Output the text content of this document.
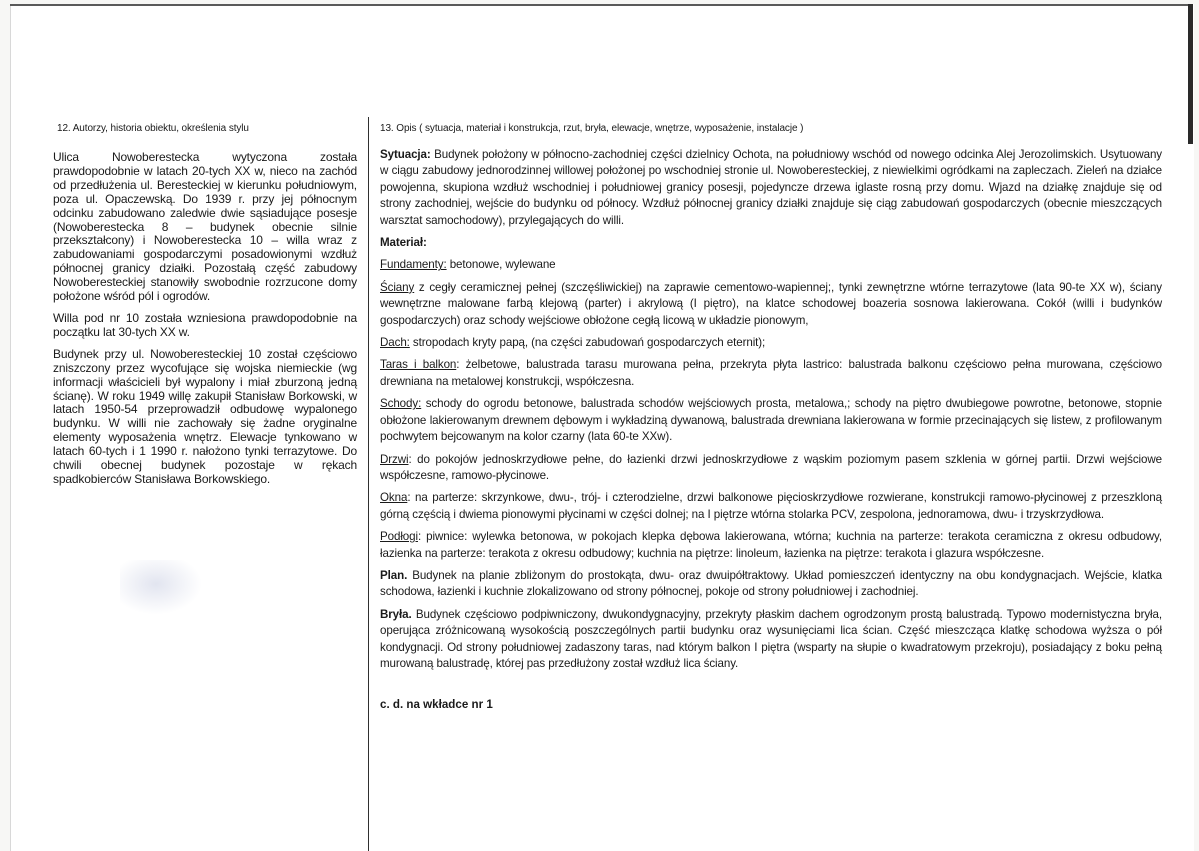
12. Autorzy, historia obiektu, określenia stylu

Ulica Nowoberestecka wytyczona została prawdopodobnie w latach 20-tych XX w, nieco na zachód od przedłużenia ul. Beresteckiej w kierunku południowym, poza ul. Opaczewską. Do 1939 r. przy jej północnym odcinku zabudowano zaledwie dwie sąsiadujące posesje (Nowoberestecka 8 – budynek obecnie silnie przekształcony) i Nowoberestecka 10 – willa wraz z zabudowaniami gospodarczymi posadowionymi wzdłuż północnej granicy działki. Pozostałą część zabudowy Nowoberesteckiej stanowiły swobodnie rozrzucone domy położone wśród pól i ogrodów.

Willa pod nr 10 została wzniesiona prawdopodobnie na początku lat 30-tych XX w.

Budynek przy ul. Nowoberesteckiej 10 został częściowo zniszczony przez wycofujące się wojska niemieckie (wg informacji właścicieli był wypalony i miał zburzoną jedną ścianę). W roku 1949 willę zakupił Stanisław Borkowski, w latach 1950-54 przeprowadził odbudowę wypalonego budynku. W willi nie zachowały się żadne oryginalne elementy wyposażenia wnętrz. Elewacje tynkowano w latach 60-tych i 1 1990 r. nałożono tynki terrazytowe. Do chwili obecnej budynek pozostaje w rękach spadkobierców Stanisława Borkowskiego.

13. Opis ( sytuacja, materiał i konstrukcja, rzut, bryła, elewacje, wnętrze, wyposażenie, instalacje )

Sytuacja: Budynek położony w północno-zachodniej części dzielnicy Ochota, na południowy wschód od nowego odcinka Alej Jerozolimskich. Usytuowany w ciągu zabudowy jednorodzinnej willowej położonej po wschodniej stronie ul. Nowoberesteckiej, z niewielkimi ogródkami na zapleczach. Zieleń na działce powojenna, skupiona wzdłuż wschodniej i południowej granicy posesji, pojedyncze drzewa iglaste rosną przy domu. Wjazd na działkę znajduje się od strony zachodniej, wejście do budynku od północy. Wzdłuż północnej granicy działki znajduje się ciąg zabudowań gospodarczych (obecnie mieszczących warsztat samochodowy), przylegających do willi.

Materiał:

Fundamenty: betonowe, wylewane

Ściany z cegły ceramicznej pełnej (szczęśliwickiej) na zaprawie cementowo-wapiennej;, tynki zewnętrzne wtórne terrazytowe (lata 90-te XX w), ściany wewnętrzne malowane farbą klejową (parter) i akrylową (I piętro), na klatce schodowej boazeria sosnowa lakierowana. Cokół (willi i budynków gospodarczych) oraz schody wejściowe obłożone cegłą licową w układzie pionowym,

Dach: stropodach kryty papą, (na części zabudowań gospodarczych eternit);

Taras i balkon: żelbetowe, balustrada tarasu murowana pełna, przekryta płyta lastrico: balustrada balkonu częściowo pełna murowana, częściowo drewniana na metalowej konstrukcji, współczesna.

Schody: schody do ogrodu betonowe, balustrada schodów wejściowych prosta, metalowa,; schody na piętro dwubiegowe powrotne, betonowe, stopnie obłożone lakierowanym drewnem dębowym i wykładziną dywanową, balustrada drewniana lakierowana w formie przecinających się listew, z profilowanym pochwytem bejcowanym na kolor czarny (lata 60-te XXw).

Drzwi: do pokojów jednoskrzydłowe pełne, do łazienki drzwi jednoskrzydłowe z wąskim poziomym pasem szklenia w górnej partii. Drzwi wejściowe współczesne, ramowo-płycinowe.

Okna: na parterze: skrzynkowe, dwu-, trój- i czterodzielne, drzwi balkonowe pięcioskrzydłowe rozwierane, konstrukcji ramowo-płycinowej z przeszkloną górną częścią i dwiema pionowymi płycinami w części dolnej; na I piętrze wtórna stolarka PCV, zespolona, jednoramowa, dwu- i trzyskrzydłowa.

Podłogi: piwnice: wylewka betonowa, w pokojach klepka dębowa lakierowana, wtórna; kuchnia na parterze: terakota ceramiczna z okresu odbudowy, łazienka na parterze: terakota z okresu odbudowy; kuchnia na piętrze: linoleum, łazienka na piętrze: terakota i glazura współczesne.

Plan. Budynek na planie zbliżonym do prostokąta, dwu- oraz dwuipółtraktowy. Układ pomieszczeń identyczny na obu kondygnacjach. Wejście, klatka schodowa, łazienki i kuchnie zlokalizowano od strony północnej, pokoje od strony południowej i zachodniej.

Bryła. Budynek częściowo podpiwniczony, dwukondygnacyjny, przekryty płaskim dachem ogrodzonym prostą balustradą. Typowo modernistyczna bryła, operująca zróżnicowaną wysokością poszczególnych partii budynku oraz wysunięciami lica ścian. Część mieszcząca klatkę schodowa wyższa o pół kondygnacji. Od strony południowej zadaszony taras, nad którym balkon I piętra (wsparty na słupie o kwadratowym przekroju), posiadający z boku pełną murowaną balustradę, której pas przedłużony został wzdłuż lica ściany.

c. d. na wkładce nr 1
